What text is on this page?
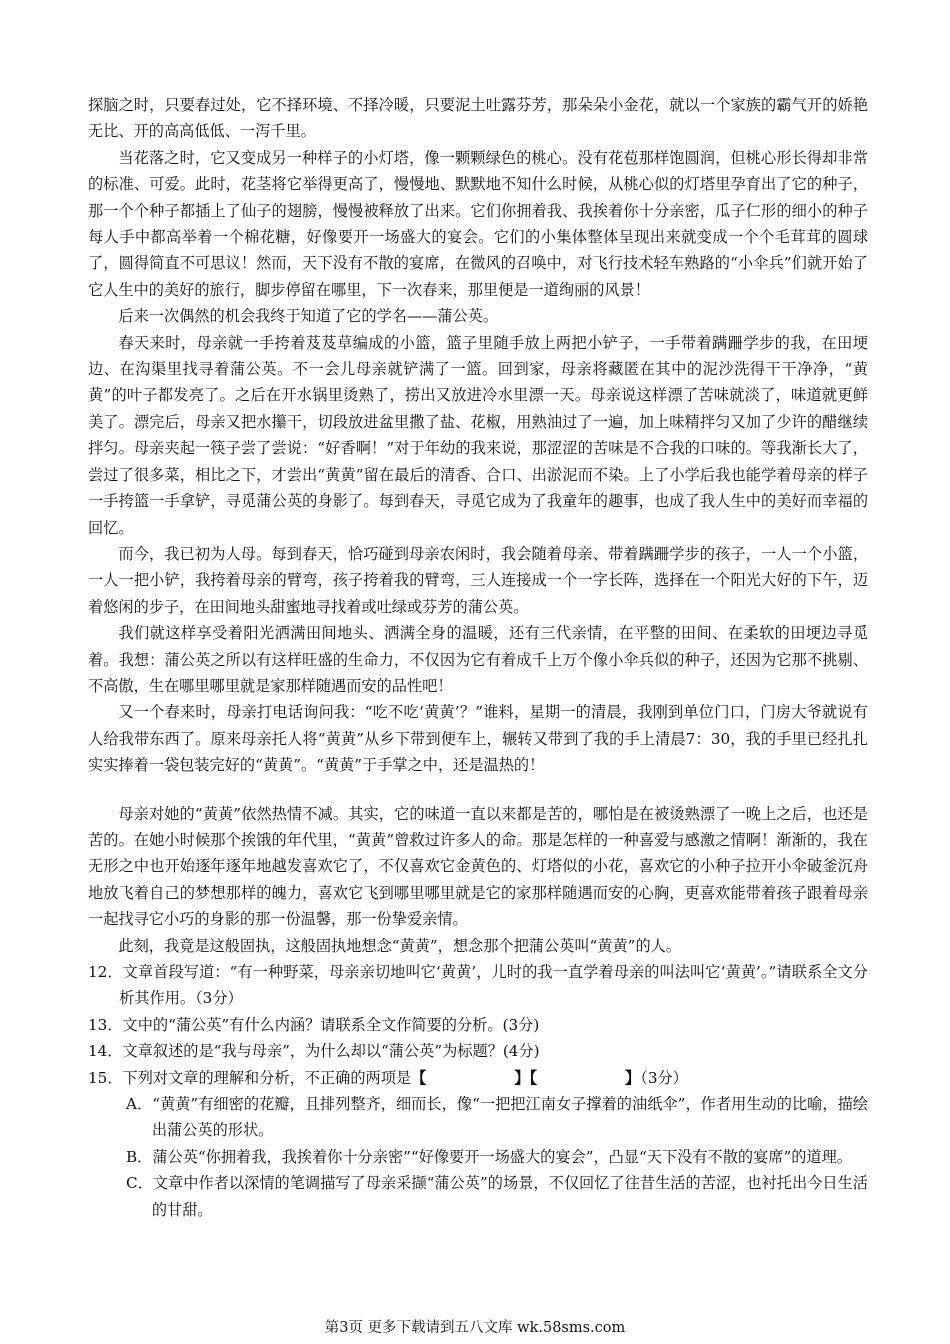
探脑之时，只要春过处，它不择环境、不择冷暖，只要泥土吐露芬芳，那朵朵小金花，就以一个家族的霸气开的娇艳无比、开的高高低低、一泻千里。

当花落之时，它又变成另一种样子的小灯塔，像一颗颗绿色的桃心。没有花苞那样饱圆润，但桃心形长得却非常的标准、可爱。此时，花茎将它举得更高了，慢慢地、默默地不知什么时候，从桃心似的灯塔里孕育出了它的种子，那一个个种子都插上了仙子的翅膀，慢慢被释放了出来。它们你拥着我、我挨着你十分亲密，瓜子仁形的细小的种子每人手中都高举着一个棉花糖，好像要开一场盛大的宴会。它们的小集体整体呈现出来就变成一个个毛茸茸的圆球了，圆得简直不可思议！然而，天下没有不散的宴席，在微风的召唤中，对飞行技术轻车熟路的“小伞兵”们就开始了它人生中的美好的旅行，脚步停留在哪里，下一次春来，那里便是一道绚丽的风景！

后来一次偶然的机会我终于知道了它的学名——蒲公英。

春天来时，母亲就一手挎着芨芨草编成的小篮，篮子里随手放上两把小铲子，一手带着蹒跚学步的我，在田埂边、在沟渠里找寻着蒲公英。不一会儿母亲就铲满了一篮。回到家，母亲将藏匿在其中的泥沙洗得干干净净，“黄黄”的叶子都发亮了。之后在开水锅里烫熟了，捞出又放进冷水里漂一天。母亲说这样漂了苦味就淡了，味道就更鲜美了。漂完后，母亲又把水攥干，切段放进盆里撒了盐、花椒，用熟油过了一遍，加上味精拌匀又加了少许的醋继续拌匀。母亲夹起一筷子尝了尝说：“好香啊！”对于年幼的我来说，那涩涩的苦味是不合我的口味的。等我渐长大了，尝过了很多菜，相比之下，才尝出“黄黄”留在最后的清香、合口、出淤泥而不染。上了小学后我也能学着母亲的样子一手挎篮一手拿铲，寻觅蒲公英的身影了。每到春天，寻觅它成为了我童年的趣事，也成了我人生中的美好而幸福的回忆。

而今，我已初为人母。每到春天，恰巧碰到母亲农闲时，我会随着母亲、带着蹒跚学步的孩子，一人一个小篮，一人一把小铲，我挎着母亲的臂弯，孩子挎着我的臂弯，三人连接成一个一字长阵，选择在一个阳光大好的下午，迈着悠闲的步子，在田间地头甜蜜地寻找着或吐绿或芬芳的蒲公英。

我们就这样享受着阳光洒满田间地头、洒满全身的温暖，还有三代亲情，在平整的田间、在柔软的田埂边寻觅着。我想：蒲公英之所以有这样旺盛的生命力，不仅因为它有着成千上万个像小伞兵似的种子，还因为它那不挑剔、不高傲，生在哪里哪里就是家那样随遇而安的品性吧！

又一个春来时，母亲打电话询问我：“吃不吃‘黄黄’？”谁料，星期一的清晨，我刚到单位门口，门房大爷就说有人给我带东西了。原来母亲托人将“黄黄”从乡下带到便车上，辗转又带到了我的手上清晨7：30，我的手里已经扎扎实实捧着一袋包装完好的“黄黄”。“黄黄”于手掌之中，还是温热的！

母亲对她的“黄黄”依然热情不减。其实，它的味道一直以来都是苦的，哪怕是在被烫熟漂了一晚上之后，也还是苦的。在她小时候那个挨饿的年代里，“黄黄”曾救过许多人的命。那是怎样的一种喜爱与感激之情啊！渐渐的，我在无形之中也开始逐年逐年地越发喜欢它了，不仅喜欢它金黄色的、灯塔似的小花，喜欢它的小种子拉开小伞破釜沉舟地放飞着自己的梦想那样的魄力，喜欢它飞到哪里哪里就是它的家那样随遇而安的心胸，更喜欢能带着孩子跟着母亲一起找寻它小巧的身影的那一份温馨，那一份挚爱亲情。

此刻，我竟是这般固执，这般固执地想念“黄黄”，想念那个把蒲公英叫“黄黄”的人。

12．文章首段写道：“有一种野菜，母亲亲切地叫它‘黄黄’，儿时的我一直学着母亲的叫法叫它‘黄黄’。”请联系全文分析其作用。（3分）

13．文中的“蒲公英”有什么内涵？请联系全文作简要的分析。(3分)

14．文章叙述的是“我与母亲”，为什么却以“蒲公英”为标题？(4分)

15．下列对文章的理解和分析，不正确的两项是【	】【	】（3分）

A．“黄黄”有细密的花瓣，且排列整齐，细而长，像“一把把江南女子撑着的油纸伞”，作者用生动的比喻，描绘出蒲公英的形状。

B．蒲公英“你拥着我，我挨着你十分亲密”“好像要开一场盛大的宴会”，凸显“天下没有不散的宴席”的道理。

C．文章中作者以深情的笔调描写了母亲采撷“蒲公英”的场景，不仅回忆了往昔生活的苦涩，也衬托出今日生活的甘甜。

第3页 更多下载请到五八文库 wk.58sms.com
